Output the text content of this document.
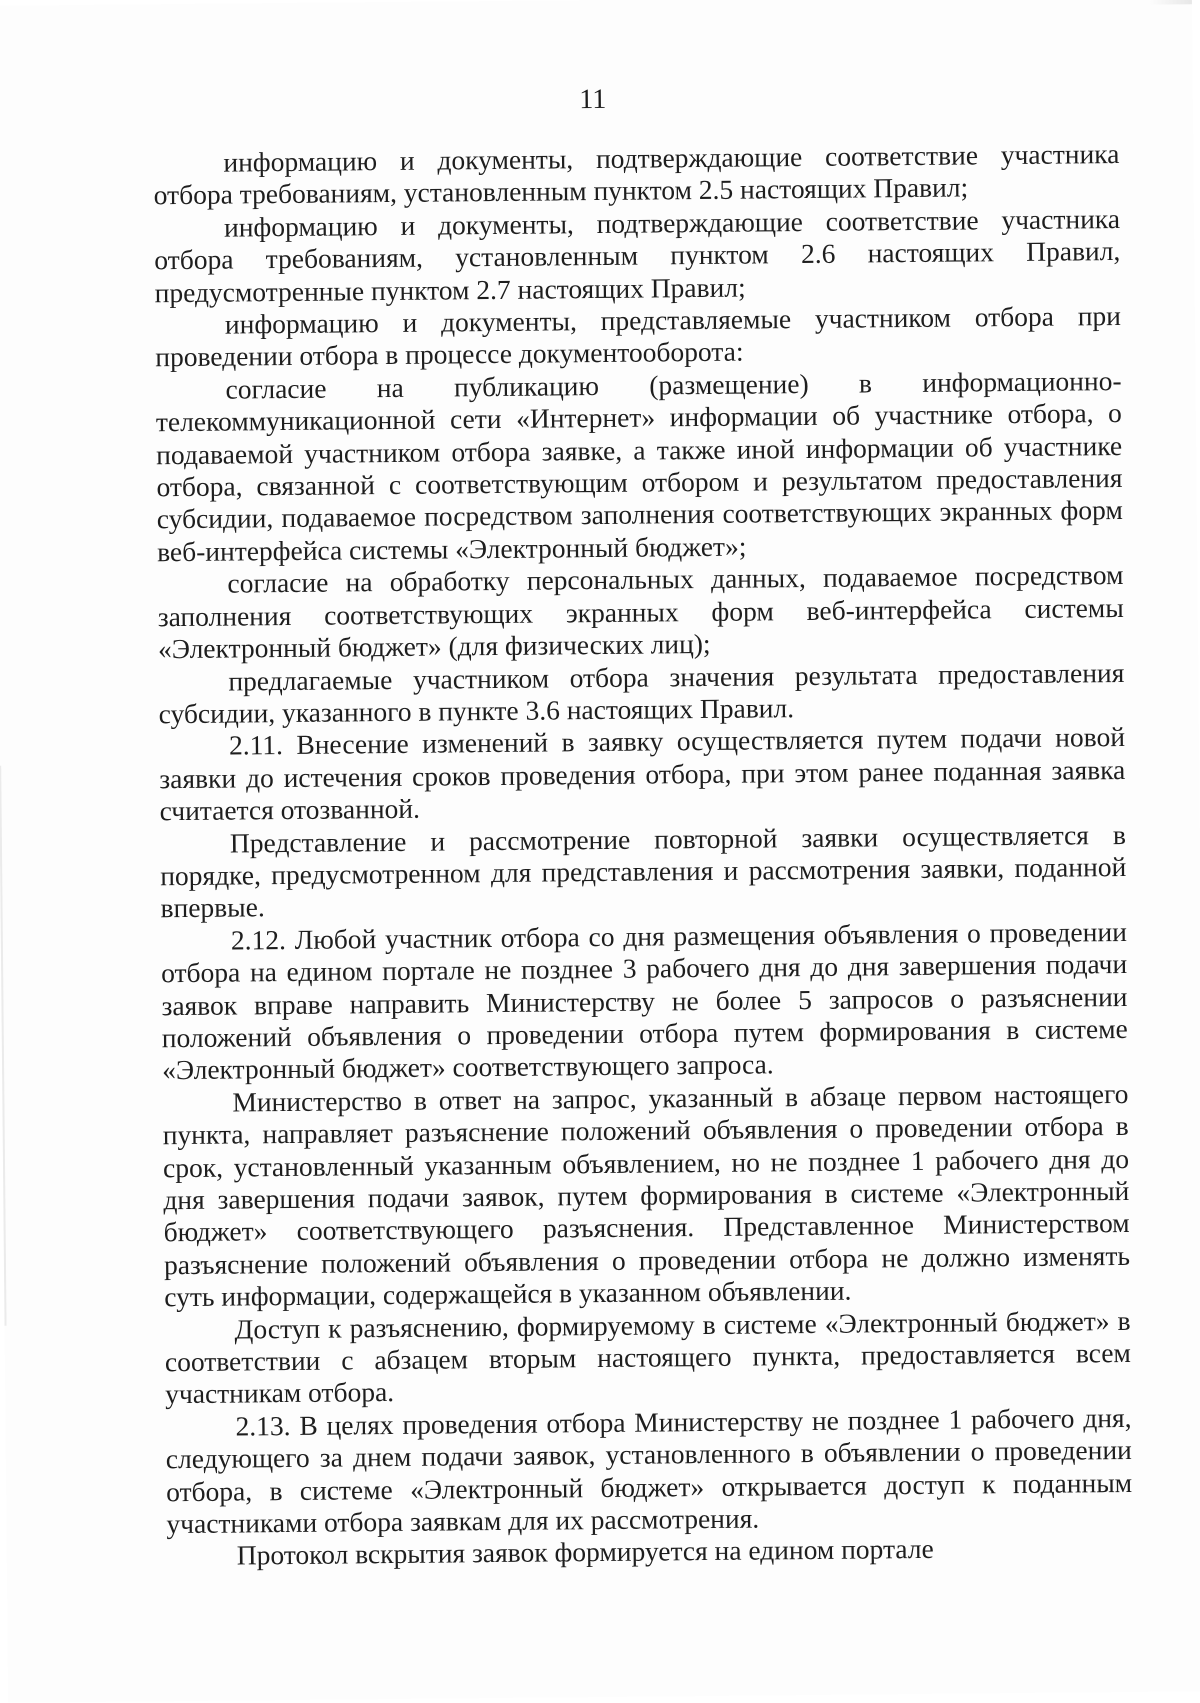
11

информацию и документы, подтверждающие соответствие участника отбора требованиям, установленным пунктом 2.5 настоящих Правил;

информацию и документы, подтверждающие соответствие участника отбора требованиям, установленным пунктом 2.6 настоящих Правил, предусмотренные пунктом 2.7 настоящих Правил;

информацию и документы, представляемые участником отбора при проведении отбора в процессе документооборота:

согласие на публикацию (размещение) в информационно-телекоммуникационной сети «Интернет» информации об участнике отбора, о подаваемой участником отбора заявке, а также иной информации об участнике отбора, связанной с соответствующим отбором и результатом предоставления субсидии, подаваемое посредством заполнения соответствующих экранных форм веб-интерфейса системы «Электронный бюджет»;

согласие на обработку персональных данных, подаваемое посредством заполнения соответствующих экранных форм веб-интерфейса системы «Электронный бюджет» (для физических лиц);

предлагаемые участником отбора значения результата предоставления субсидии, указанного в пункте 3.6 настоящих Правил.

2.11. Внесение изменений в заявку осуществляется путем подачи новой заявки до истечения сроков проведения отбора, при этом ранее поданная заявка считается отозванной.

Представление и рассмотрение повторной заявки осуществляется в порядке, предусмотренном для представления и рассмотрения заявки, поданной впервые.

2.12. Любой участник отбора со дня размещения объявления о проведении отбора на едином портале не позднее 3 рабочего дня до дня завершения подачи заявок вправе направить Министерству не более 5 запросов о разъяснении положений объявления о проведении отбора путем формирования в системе «Электронный бюджет» соответствующего запроса.

Министерство в ответ на запрос, указанный в абзаце первом настоящего пункта, направляет разъяснение положений объявления о проведении отбора в срок, установленный указанным объявлением, но не позднее 1 рабочего дня до дня завершения подачи заявок, путем формирования в системе «Электронный бюджет» соответствующего разъяснения. Представленное Министерством разъяснение положений объявления о проведении отбора не должно изменять суть информации, содержащейся в указанном объявлении.

Доступ к разъяснению, формируемому в системе «Электронный бюджет» в соответствии с абзацем вторым настоящего пункта, предоставляется всем участникам отбора.

2.13. В целях проведения отбора Министерству не позднее 1 рабочего дня, следующего за днем подачи заявок, установленного в объявлении о проведении отбора, в системе «Электронный бюджет» открывается доступ к поданным участниками отбора заявкам для их рассмотрения.

Протокол вскрытия заявок формируется на едином портале
